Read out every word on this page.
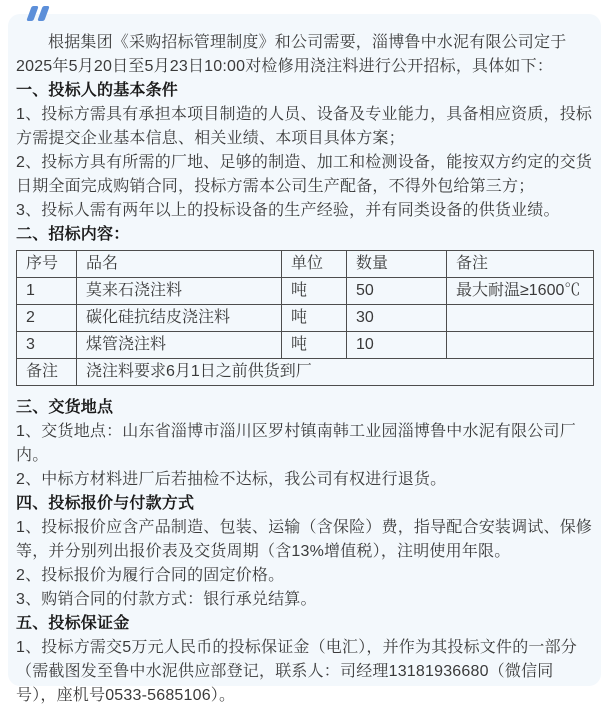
根据集团《采购招标管理制度》和公司需要，淄博鲁中水泥有限公司定于2025年5月20日至5月23日10:00对检修用浇注料进行公开招标，具体如下：

一、投标人的基本条件

1、投标方需具有承担本项目制造的人员、设备及专业能力，具备相应资质，投标方需提交企业基本信息、相关业绩、本项目具体方案；

2、投标方具有所需的厂地、足够的制造、加工和检测设备，能按双方约定的交货日期全面完成购销合同，投标方需本公司生产配备，不得外包给第三方；

3、投标人需有两年以上的投标设备的生产经验，并有同类设备的供货业绩。

二、招标内容：

序号	品名	单位	数量	备注
1	莫来石浇注料	吨	50	最大耐温≥1600℃
2	碳化硅抗结皮浇注料	吨	30	
3	煤管浇注料	吨	10	
备注	浇注料要求6月1日之前供货到厂			

三、交货地点

1、交货地点：山东省淄博市淄川区罗村镇南韩工业园淄博鲁中水泥有限公司厂内。

2、中标方材料进厂后若抽检不达标，我公司有权进行退货。

四、投标报价与付款方式

1、投标报价应含产品制造、包装、运输（含保险）费，指导配合安装调试、保修等，并分别列出报价表及交货周期（含13%增值税），注明使用年限。

2、投标报价为履行合同的固定价格。

3、购销合同的付款方式：银行承兑结算。

五、投标保证金

1、投标方需交5万元人民币的投标保证金（电汇），并作为其投标文件的一部分（需截图发至鲁中水泥供应部登记，联系人：司经理13181936680（微信同号），座机号0533-5685106）。
